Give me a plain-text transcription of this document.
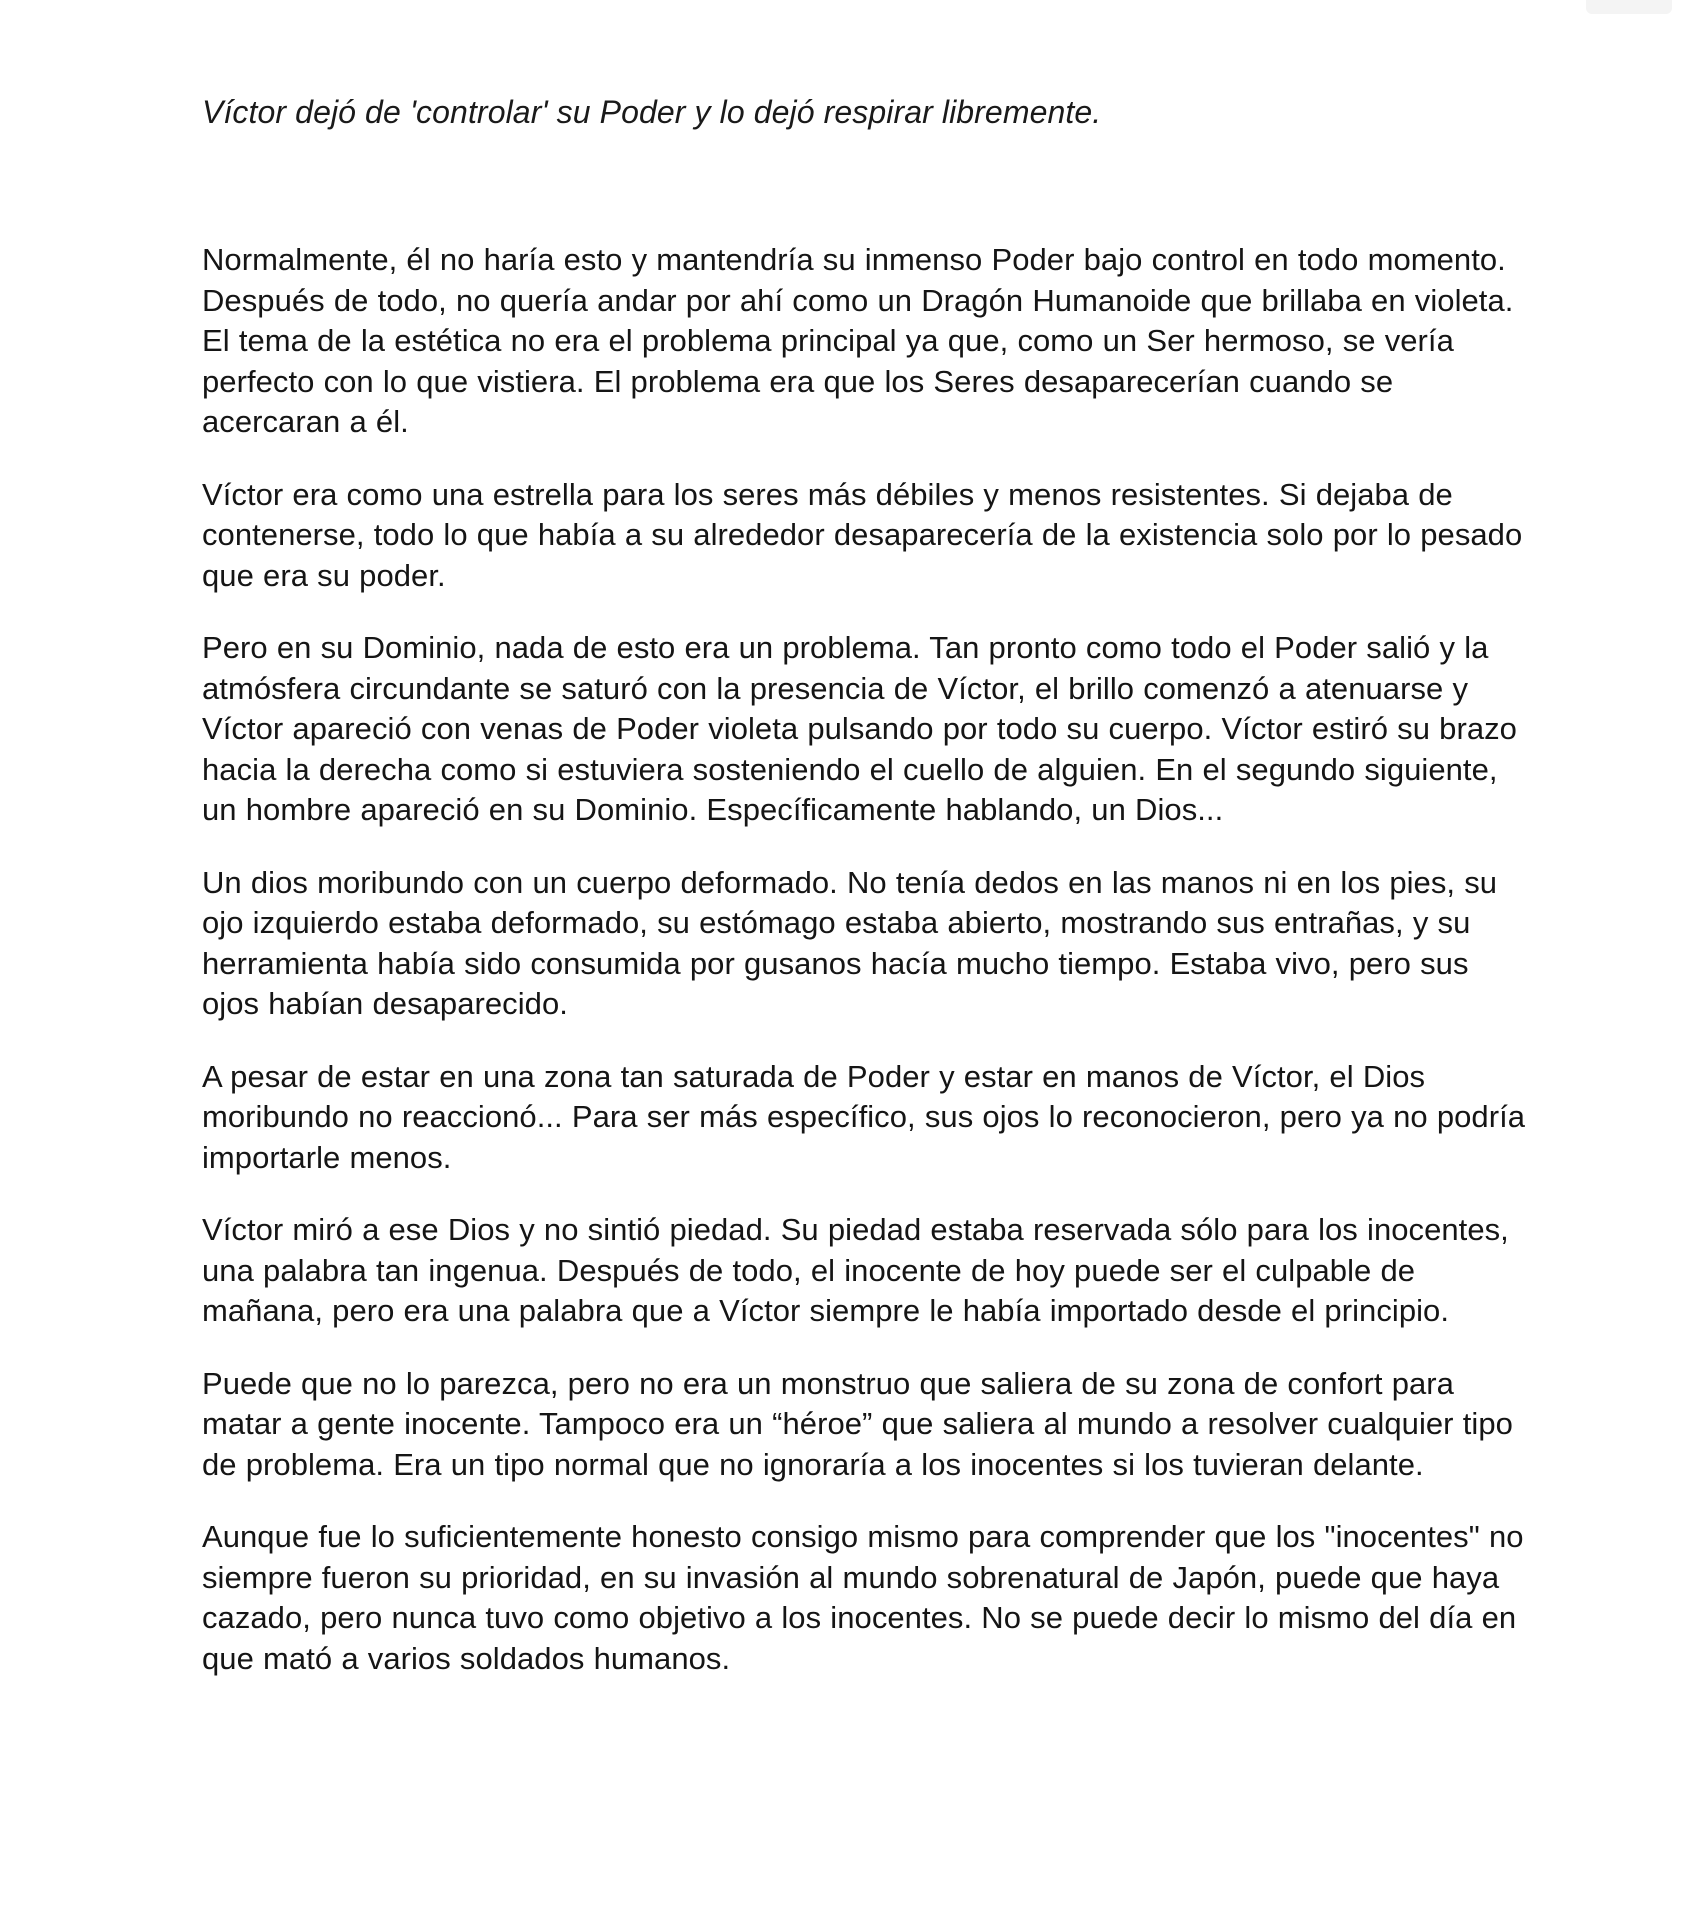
Víctor dejó de 'controlar' su Poder y lo dejó respirar libremente.

Normalmente, él no haría esto y mantendría su inmenso Poder bajo control en todo momento. Después de todo, no quería andar por ahí como un Dragón Humanoide que brillaba en violeta. El tema de la estética no era el problema principal ya que, como un Ser hermoso, se vería perfecto con lo que vistiera. El problema era que los Seres desaparecerían cuando se acercaran a él.

Víctor era como una estrella para los seres más débiles y menos resistentes. Si dejaba de contenerse, todo lo que había a su alrededor desaparecería de la existencia solo por lo pesado que era su poder.

Pero en su Dominio, nada de esto era un problema. Tan pronto como todo el Poder salió y la atmósfera circundante se saturó con la presencia de Víctor, el brillo comenzó a atenuarse y Víctor apareció con venas de Poder violeta pulsando por todo su cuerpo. Víctor estiró su brazo hacia la derecha como si estuviera sosteniendo el cuello de alguien. En el segundo siguiente, un hombre apareció en su Dominio. Específicamente hablando, un Dios...

Un dios moribundo con un cuerpo deformado. No tenía dedos en las manos ni en los pies, su ojo izquierdo estaba deformado, su estómago estaba abierto, mostrando sus entrañas, y su herramienta había sido consumida por gusanos hacía mucho tiempo. Estaba vivo, pero sus ojos habían desaparecido.

A pesar de estar en una zona tan saturada de Poder y estar en manos de Víctor, el Dios moribundo no reaccionó... Para ser más específico, sus ojos lo reconocieron, pero ya no podría importarle menos.

Víctor miró a ese Dios y no sintió piedad. Su piedad estaba reservada sólo para los inocentes, una palabra tan ingenua. Después de todo, el inocente de hoy puede ser el culpable de mañana, pero era una palabra que a Víctor siempre le había importado desde el principio.

Puede que no lo parezca, pero no era un monstruo que saliera de su zona de confort para matar a gente inocente. Tampoco era un “héroe” que saliera al mundo a resolver cualquier tipo de problema. Era un tipo normal que no ignoraría a los inocentes si los tuvieran delante.

Aunque fue lo suficientemente honesto consigo mismo para comprender que los "inocentes" no siempre fueron su prioridad, en su invasión al mundo sobrenatural de Japón, puede que haya cazado, pero nunca tuvo como objetivo a los inocentes. No se puede decir lo mismo del día en que mató a varios soldados humanos.
